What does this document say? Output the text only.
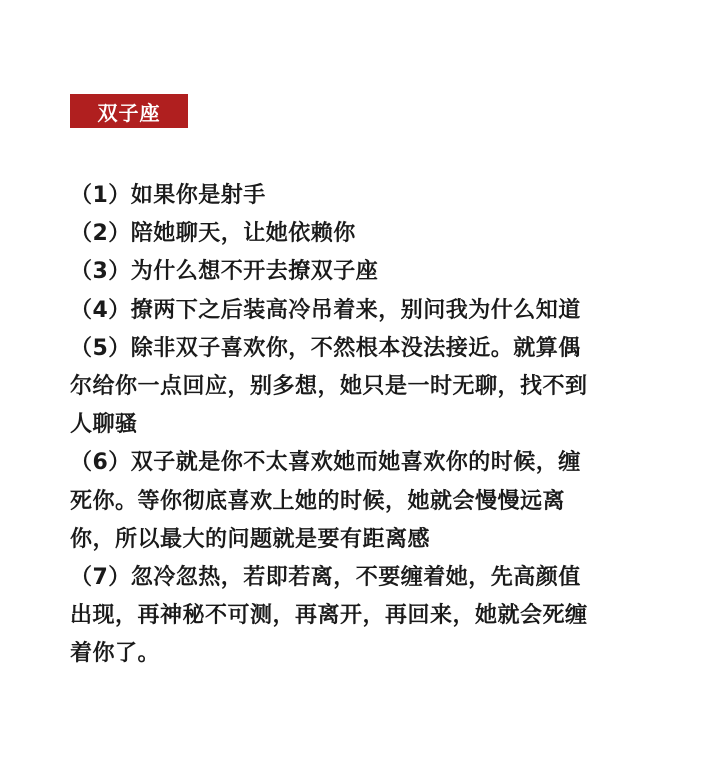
双子座
（1）如果你是射手
（2）陪她聊天，让她依赖你
（3）为什么想不开去撩双子座
（4）撩两下之后装高冷吊着来，别问我为什么知道
（5）除非双子喜欢你，不然根本没法接近。就算偶
尔给你一点回应，别多想，她只是一时无聊，找不到
人聊骚
（6）双子就是你不太喜欢她而她喜欢你的时候，缠
死你。等你彻底喜欢上她的时候，她就会慢慢远离
你，所以最大的问题就是要有距离感
（7）忽冷忽热，若即若离，不要缠着她，先高颜值
出现，再神秘不可测，再离开，再回来，她就会死缠
着你了。
